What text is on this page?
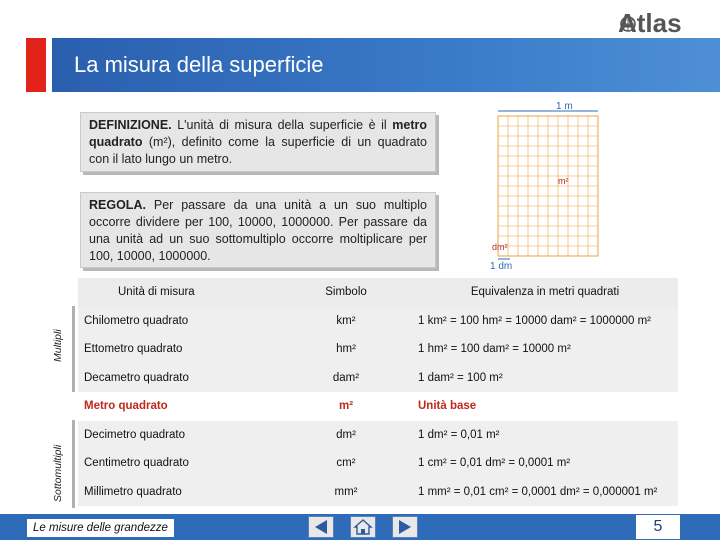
Atlas
La misura della superficie
DEFINIZIONE. L'unità di misura della superficie è il metro quadrato (m²), definito come la superficie di un quadrato con il lato lungo un metro.
REGOLA. Per passare da una unità a un suo multiplo occorre dividere per 100, 10000, 1000000. Per passare da una unità ad un suo sottomultiplo occorre moltiplicare per 100, 10000, 1000000.
1 m
m²
dm²
1 dm
Multipli
Sottomultipli
Unità di misura	Simbolo	Equivalenza in metri quadrati
Chilometro quadrato	km²	1 km² = 100 hm² = 10000 dam² = 1000000 m²
Ettometro quadrato	hm²	1 hm² = 100 dam² = 10000 m²
Decametro quadrato	dam²	1 dam² = 100 m²
Metro quadrato	m²	Unità base
Decimetro quadrato	dm²	1 dm² = 0,01 m²
Centimetro quadrato	cm²	1 cm² = 0,01 dm² = 0,0001 m²
Millimetro quadrato	mm²	1 mm² = 0,01 cm² = 0,0001 dm² = 0,000001 m²
Le misure delle grandezze	5
